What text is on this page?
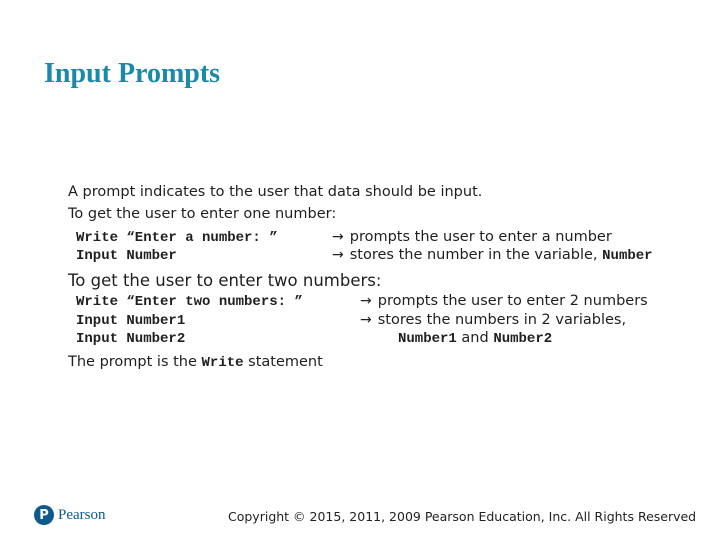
Input Prompts
A prompt indicates to the user that data should be input.
To get the user to enter one number:
Write “Enter a number: ”	→ prompts the user to enter a number
Input Number	→ stores the number in the variable, Number
To get the user to enter two numbers:
Write “Enter two numbers: ”	→ prompts the user to enter 2 numbers
Input Number1	→ stores the numbers in 2 variables,
Input Number2	Number1 and Number2
The prompt is the Write statement
P Pearson	Copyright © 2015, 2011, 2009 Pearson Education, Inc. All Rights Reserved
